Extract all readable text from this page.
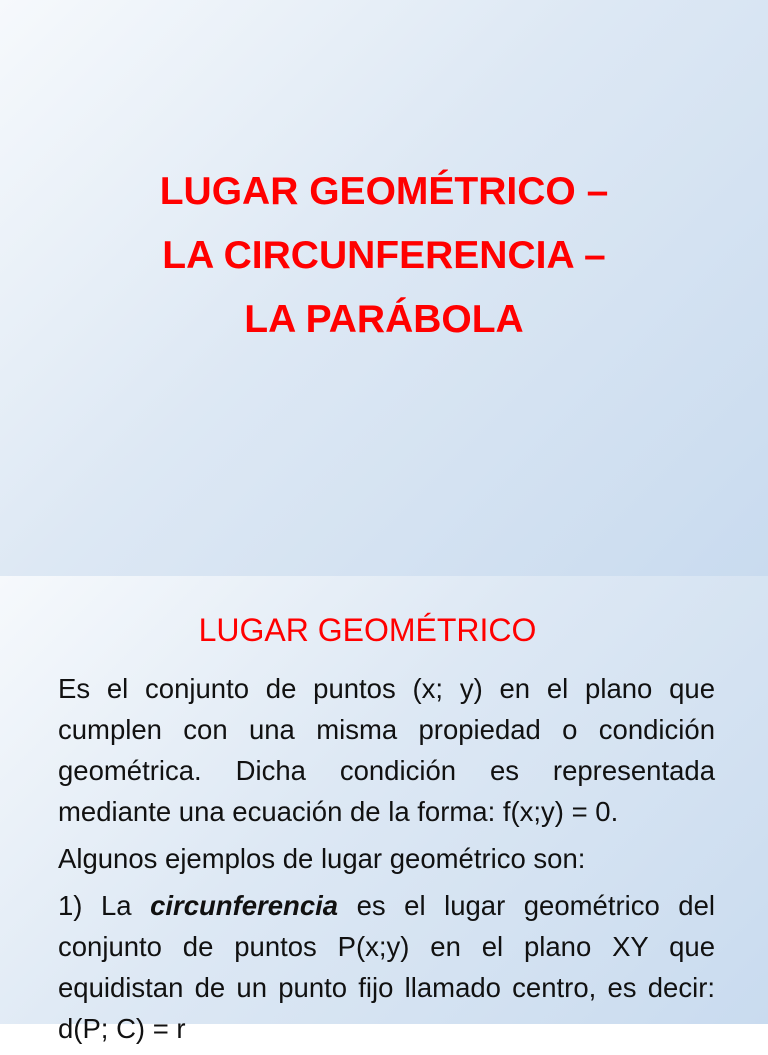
LUGAR GEOMÉTRICO –
LA CIRCUNFERENCIA –
LA PARÁBOLA
LUGAR GEOMÉTRICO

Es el conjunto de puntos (x; y) en el plano que cumplen con una misma propiedad o condición geométrica. Dicha condición es representada mediante una ecuación de la forma: f(x;y) = 0.

Algunos ejemplos de lugar geométrico son:

1) La circunferencia es el lugar geométrico del conjunto de puntos P(x;y) en el plano XY que equidistan de un punto fijo llamado centro, es decir: d(P; C) = r
